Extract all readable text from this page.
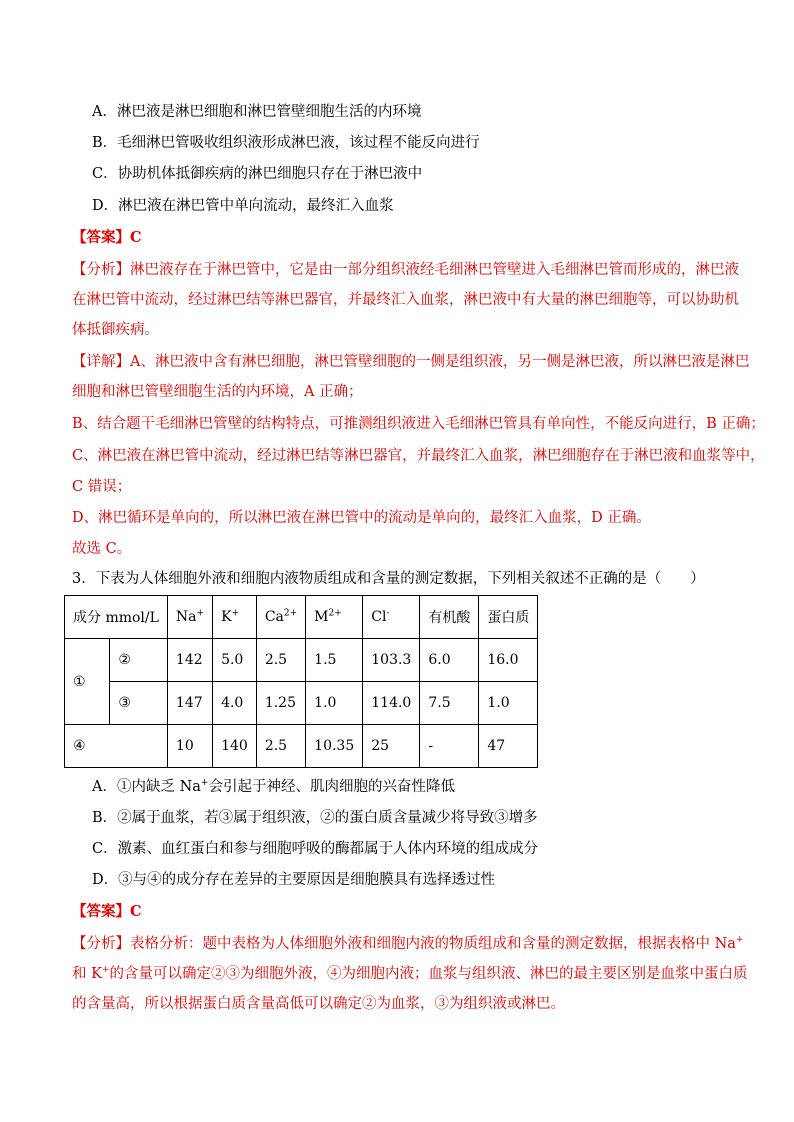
A．淋巴液是淋巴细胞和淋巴管壁细胞生活的内环境
B．毛细淋巴管吸收组织液形成淋巴液，该过程不能反向进行
C．协助机体抵御疾病的淋巴细胞只存在于淋巴液中
D．淋巴液在淋巴管中单向流动，最终汇入血浆
【答案】C
【分析】淋巴液存在于淋巴管中，它是由一部分组织液经毛细淋巴管壁进入毛细淋巴管而形成的，淋巴液
在淋巴管中流动，经过淋巴结等淋巴器官，并最终汇入血浆，淋巴液中有大量的淋巴细胞等，可以协助机
体抵御疾病。
【详解】A、淋巴液中含有淋巴细胞，淋巴管壁细胞的一侧是组织液，另一侧是淋巴液，所以淋巴液是淋巴
细胞和淋巴管壁细胞生活的内环境，A 正确；
B、结合题干毛细淋巴管壁的结构特点，可推测组织液进入毛细淋巴管具有单向性，不能反向进行，B 正确；
C、淋巴液在淋巴管中流动，经过淋巴结等淋巴器官，并最终汇入血浆，淋巴细胞存在于淋巴液和血浆等中，
C 错误；
D、淋巴循环是单向的，所以淋巴液在淋巴管中的流动是单向的，最终汇入血浆，D 正确。
故选 C。
3．下表为人体细胞外液和细胞内液物质组成和含量的测定数据，下列相关叙述不正确的是（　　）
成分 mmol/L		Na+	K+	$Ca^{2+}$	$M^{2+}$	Cl-	有机酸	蛋白质
①	②	142	5.0	2.5	1.5	103.3	6.0	16.0
	③	147	4.0	1.25	1.0	114.0	7.5	1.0
④		10	140	2.5	10.35	25	-	47
A．①内缺乏 Na+会引起于神经、肌肉细胞的兴奋性降低
B．②属于血浆，若③属于组织液，②的蛋白质含量减少将导致③增多
C．激素、血红蛋白和参与细胞呼吸的酶都属于人体内环境的组成成分
D．③与④的成分存在差异的主要原因是细胞膜具有选择透过性
【答案】C
【分析】表格分析：题中表格为人体细胞外液和细胞内液的物质组成和含量的测定数据，根据表格中 Na+
和 K+的含量可以确定②③为细胞外液，④为细胞内液；血浆与组织液、淋巴的最主要区别是血浆中蛋白质
的含量高，所以根据蛋白质含量高低可以确定②为血浆，③为组织液或淋巴。
